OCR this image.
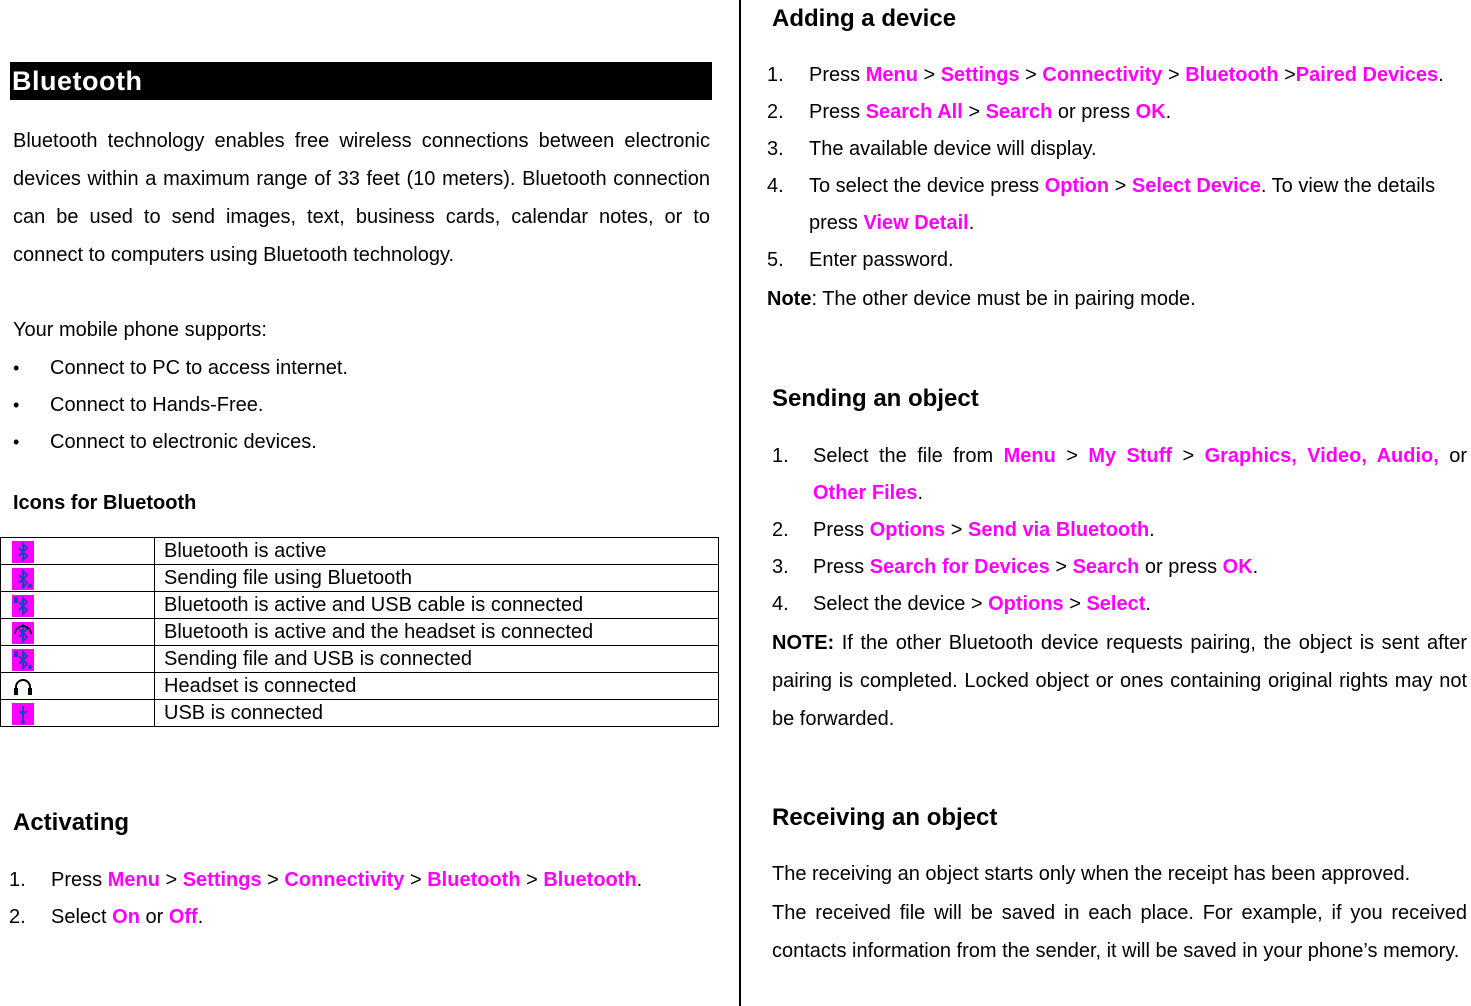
Bluetooth
Bluetooth technology enables free wireless connections between electronic devices within a maximum range of 33 feet (10 meters). Bluetooth connection can be used to send images, text, business cards, calendar notes, or to connect to computers using Bluetooth technology.
Your mobile phone supports:
• Connect to PC to access internet.
• Connect to Hands-Free.
• Connect to electronic devices.
Icons for Bluetooth
	Bluetooth is active

	Sending file using Bluetooth

	Bluetooth is active and USB cable is connected

	Bluetooth is active and the headset is connected

	Sending file and USB is connected

	Headset is connected

	USB is connected
Activating
1. Press Menu > Settings > Connectivity > Bluetooth > Bluetooth.
2. Select On or Off.
Adding a device
1. Press Menu > Settings > Connectivity > Bluetooth >Paired Devices.
2. Press Search All > Search or press OK.
3. The available device will display.
4. To select the device press Option > Select Device. To view the details press View Detail.
5. Enter password.
Note: The other device must be in pairing mode.
Sending an object
1. Select the file from Menu > My Stuff > Graphics, Video, Audio, or Other Files.
2. Press Options > Send via Bluetooth.
3. Press Search for Devices > Search or press OK.
4. Select the device > Options > Select.
NOTE: If the other Bluetooth device requests pairing, the object is sent after pairing is completed. Locked object or ones containing original rights may not be forwarded.
Receiving an object
The receiving an object starts only when the receipt has been approved.
The received file will be saved in each place. For example, if you received contacts information from the sender, it will be saved in your phone’s memory.
